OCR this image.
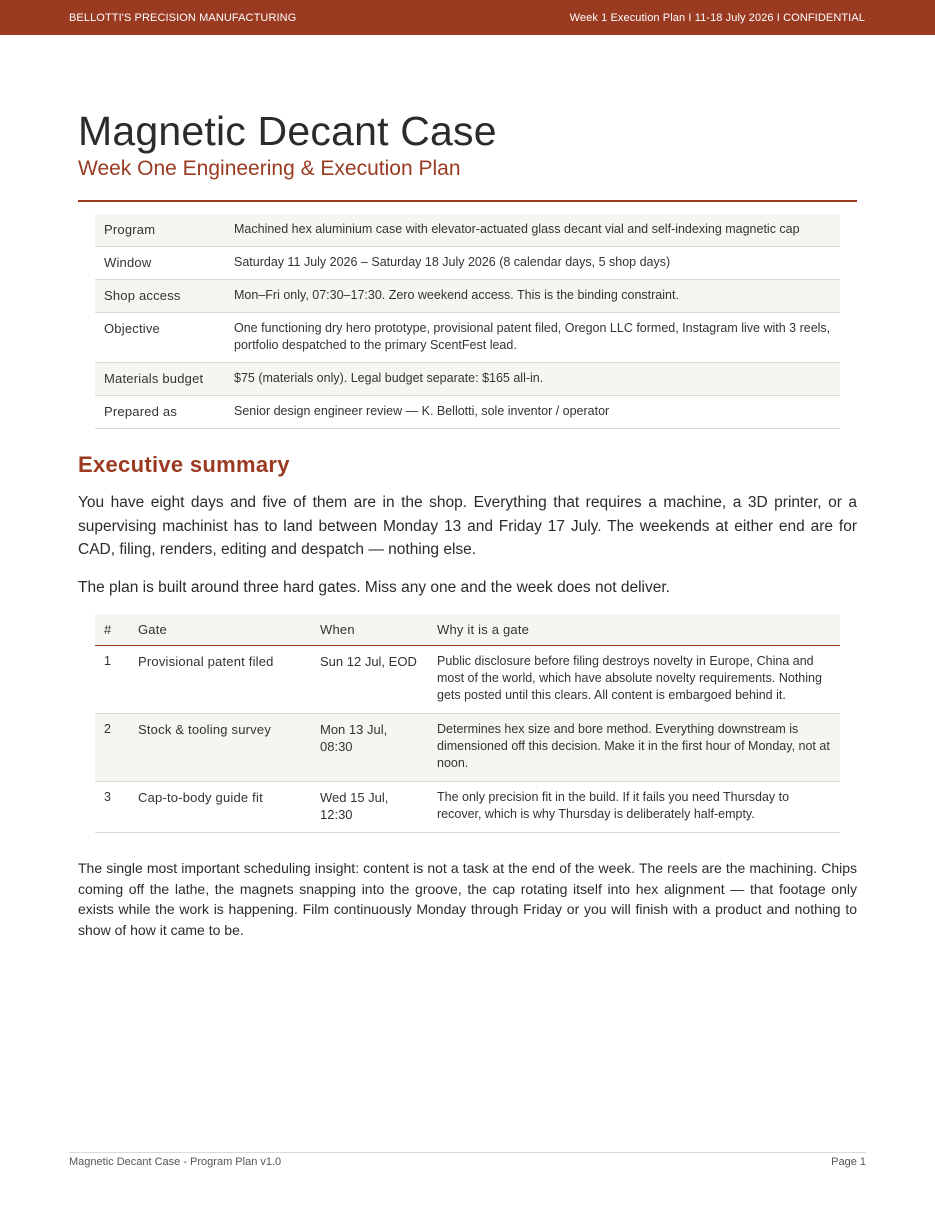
BELLOTTI'S PRECISION MANUFACTURING	Week 1 Execution Plan I 11-18 July 2026 I CONFIDENTIAL
Magnetic Decant Case
Week One Engineering & Execution Plan
Program	Machined hex aluminium case with elevator-actuated glass decant vial and self-indexing magnetic cap
Window	Saturday 11 July 2026 – Saturday 18 July 2026 (8 calendar days, 5 shop days)
Shop access	Mon–Fri only, 07:30–17:30. Zero weekend access. This is the binding constraint.
Objective	One functioning dry hero prototype, provisional patent filed, Oregon LLC formed, Instagram live with 3 reels, portfolio despatched to the primary ScentFest lead.
Materials budget	$75 (materials only). Legal budget separate: $165 all-in.
Prepared as	Senior design engineer review — K. Bellotti, sole inventor / operator
Executive summary

You have eight days and five of them are in the shop. Everything that requires a machine, a 3D printer, or a supervising machinist has to land between Monday 13 and Friday 17 July. The weekends at either end are for CAD, filing, renders, editing and despatch — nothing else.

The plan is built around three hard gates. Miss any one and the week does not deliver.

#	Gate	When	Why it is a gate
1	Provisional patent filed	Sun 12 Jul, EOD	Public disclosure before filing destroys novelty in Europe, China and most of the world, which have absolute novelty requirements. Nothing gets posted until this clears. All content is embargoed behind it.
2	Stock & tooling survey	Mon 13 Jul, 08:30	Determines hex size and bore method. Everything downstream is dimensioned off this decision. Make it in the first hour of Monday, not at noon.
3	Cap-to-body guide fit	Wed 15 Jul, 12:30	The only precision fit in the build. If it fails you need Thursday to recover, which is why Thursday is deliberately half-empty.

The single most important scheduling insight: content is not a task at the end of the week. The reels are the machining. Chips coming off the lathe, the magnets snapping into the groove, the cap rotating itself into hex alignment — that footage only exists while the work is happening. Film continuously Monday through Friday or you will finish with a product and nothing to show of how it came to be.

Magnetic Decant Case - Program Plan v1.0	Page 1
